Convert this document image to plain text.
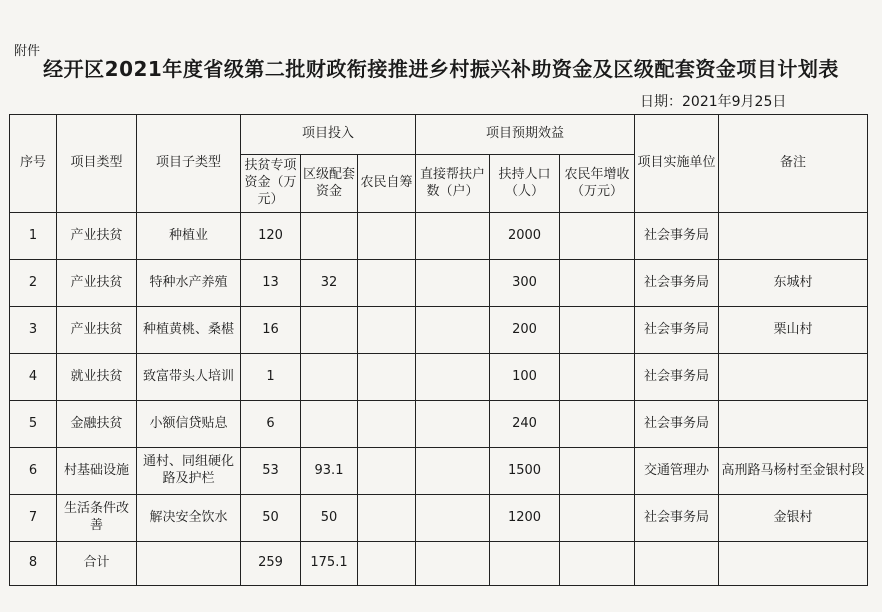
附件
经开区2021年度省级第二批财政衔接推进乡村振兴补助资金及区级配套资金项目计划表
日期：2021年9月25日
序号	项目类型	项目子类型	项目投入			项目预期效益			项目实施单位	备注
			扶贫专项资金（万元）	区级配套资金	农民自筹	直接帮扶户数（户）	扶持人口（人）	农民年增收（万元）		
1	产业扶贫	种植业	120				2000		社会事务局	
2	产业扶贫	特种水产养殖	13	32			300		社会事务局	东城村
3	产业扶贫	种植黄桃、桑椹	16				200		社会事务局	栗山村
4	就业扶贫	致富带头人培训	1				100		社会事务局	
5	金融扶贫	小额信贷贴息	6				240		社会事务局	
6	村基础设施	通村、同组硬化路及护栏	53	93.1			1500		交通管理办	高刑路马杨村至金银村段
7	生活条件改善	解决安全饮水	50	50			1200		社会事务局	金银村
8	合计		259	175.1						
